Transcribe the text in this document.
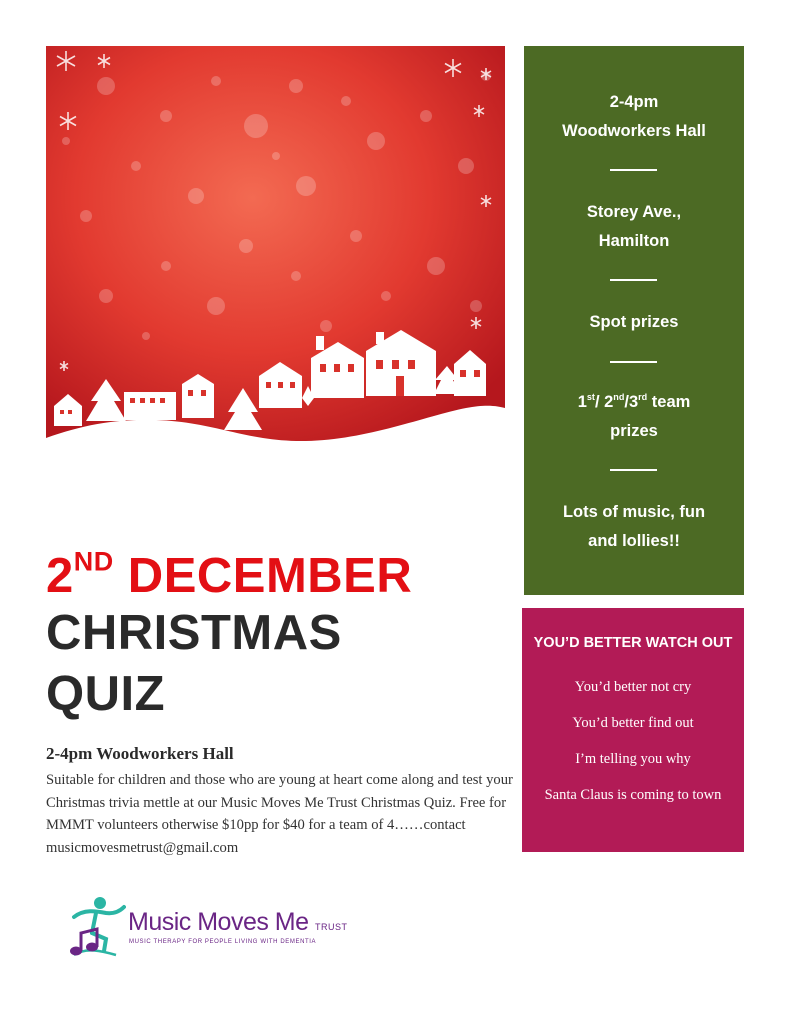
2-4pm
Woodworkers Hall
Storey Ave.,
Hamilton
Spot prizes
1st/ 2nd/3rd team
prizes
Lots of music, fun
and lollies!!
YOU’D BETTER WATCH OUT
You’d better not cry
You’d better find out
I’m telling you why
Santa Claus is coming to town
2ND DECEMBER
CHRISTMAS
QUIZ
2-4pm Woodworkers Hall
Suitable for children and those who are young at heart come along and test your Christmas trivia mettle at our Music Moves Me Trust Christmas Quiz. Free for MMMT volunteers otherwise $10pp for $40 for a team of 4……contact musicmovesmetrust@gmail.com
Music Moves Me TRUST
MUSIC THERAPY FOR PEOPLE LIVING WITH DEMENTIA
